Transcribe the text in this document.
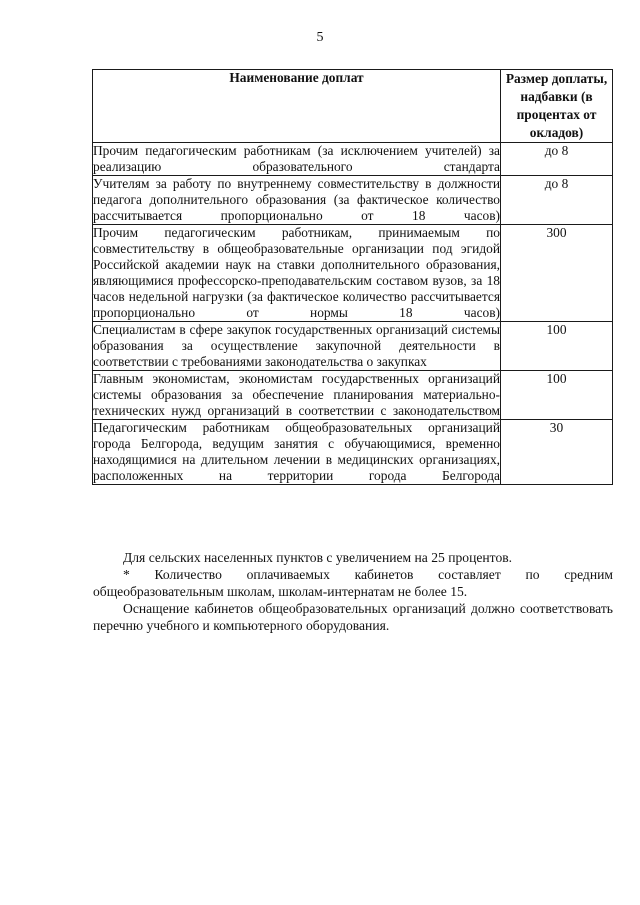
5
Наименование доплат	Размер доплаты, надбавки (в процентах от окладов)
Прочим педагогическим работникам (за исключением учителей) за реализацию образовательного стандарта	до 8
Учителям за работу по внутреннему совместительству в должности педагога дополнительного образования (за фактическое количество рассчитывается пропорционально от 18 часов)	до 8
Прочим педагогическим работникам, принимаемым по совместительству в общеобразовательные организации под эгидой Российской академии наук на ставки дополнительного образования, являющимися профессорско-преподавательским составом вузов, за 18 часов недельной нагрузки (за фактическое количество рассчитывается пропорционально от нормы 18 часов)	300
Специалистам в сфере закупок государственных организаций системы образования за осуществление закупочной деятельности в соответствии с требованиями законодательства о закупках	100
Главным экономистам, экономистам государственных организаций системы образования за обеспечение планирования материально-технических нужд организаций в соответствии с законодательством	100
Педагогическим работникам общеобразовательных организаций города Белгорода, ведущим занятия с обучающимися, временно находящимися на длительном лечении в медицинских организациях, расположенных на территории города Белгорода	30

Для сельских населенных пунктов с увеличением на 25 процентов.

* Количество оплачиваемых кабинетов составляет по средним общеобразовательным школам, школам-интернатам не более 15.

Оснащение кабинетов общеобразовательных организаций должно соответствовать перечню учебного и компьютерного оборудования.
